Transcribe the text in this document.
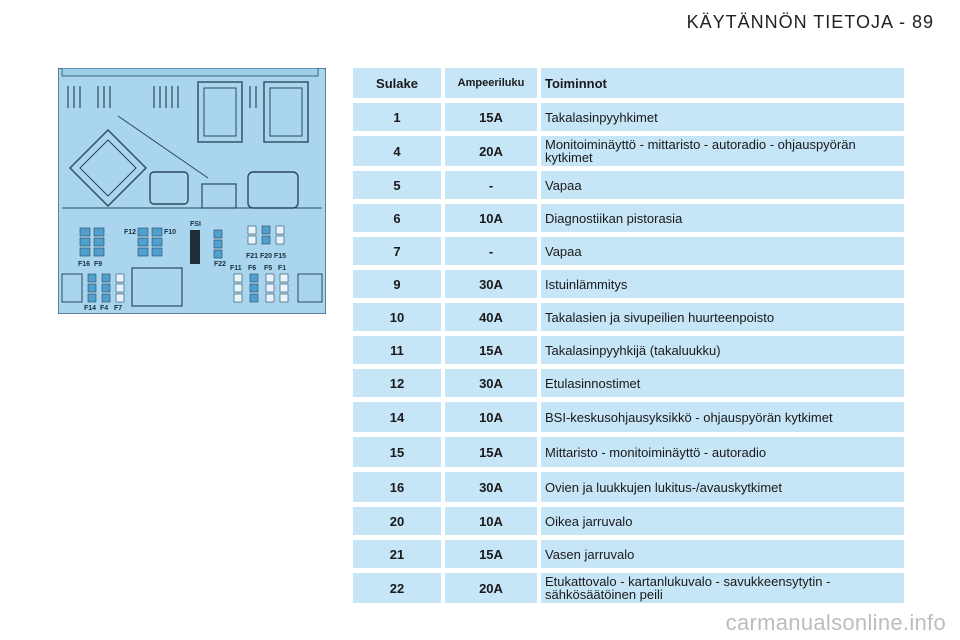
KÄYTÄNNÖN TIETOJA - 89
F16 F9
F12	F10
FSI
F22
F21 F20 F15
F11 F6 F5 F1
F14 F4 F7
Sulake	Ampeeriluku	Toiminnot
1	15A	Takalasinpyyhkimet
4	20A	Monitoiminäyttö - mittaristo - autoradio - ohjauspyörän kytkimet
5	-	Vapaa
6	10A	Diagnostiikan pistorasia
7	-	Vapaa
9	30A	Istuinlämmitys
10	40A	Takalasien ja sivupeilien huurteenpoisto
11	15A	Takalasinpyyhkijä (takaluukku)
12	30A	Etulasinnostimet
14	10A	BSI-keskusohjausyksikkö - ohjauspyörän kytkimet
15	15A	Mittaristo - monitoiminäyttö - autoradio
16	30A	Ovien ja luukkujen lukitus-/avauskytkimet
20	10A	Oikea jarruvalo
21	15A	Vasen jarruvalo
22	20A	Etukattovalo - kartanlukuvalo - savukkeensytytin - sähkösäätöinen peili
carmanualsonline.info
